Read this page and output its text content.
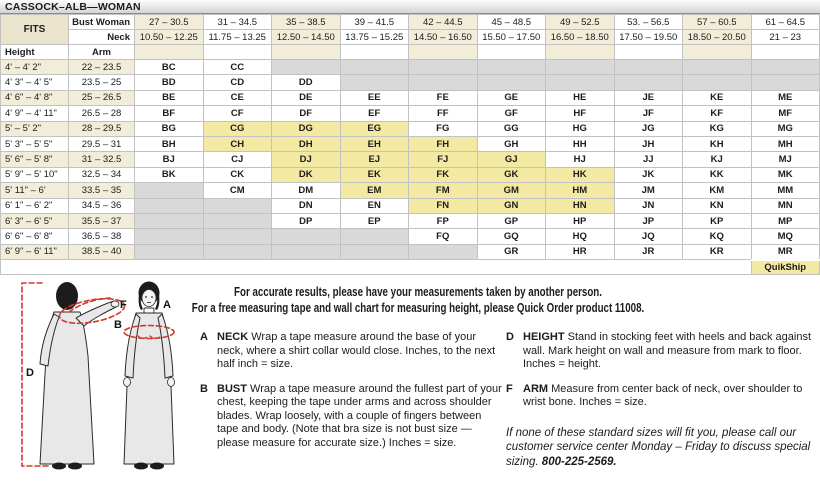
CASSOCK–ALB—WOMAN
FITS	Bust Woman	27 – 30.5	31 – 34.5	35 – 38.5	39 – 41.5	42 – 44.5	45 – 48.5	49 – 52.5	53. – 56.5	57 – 60.5	61 – 64.5
	Neck	10.50 – 12.25	11.75 – 13.25	12.50 – 14.50	13.75 – 15.25	14.50 – 16.50	15.50 – 17.50	16.50 – 18.50	17.50 – 19.50	18.50 – 20.50	21 – 23
Height	Arm										
4' – 4' 2"	22 – 23.5	BC	CC								
4' 3" – 4' 5"	23.5 – 25	BD	CD	DD							
4' 6" – 4' 8"	25 – 26.5	BE	CE	DE	EE	FE	GE	HE	JE	KE	ME
4' 9" – 4' 11"	26.5 – 28	BF	CF	DF	EF	FF	GF	HF	JF	KF	MF
5' – 5' 2"	28 – 29.5	BG	CG	DG	EG	FG	GG	HG	JG	KG	MG
5' 3" – 5' 5"	29.5 – 31	BH	CH	DH	EH	FH	GH	HH	JH	KH	MH
5' 6" – 5' 8"	31 – 32.5	BJ	CJ	DJ	EJ	FJ	GJ	HJ	JJ	KJ	MJ
5' 9" – 5' 10"	32.5 – 34	BK	CK	DK	EK	FK	GK	HK	JK	KK	MK
5' 11" – 6'	33.5 – 35		CM	DM	EM	FM	GM	HM	JM	KM	MM
6' 1" – 6' 2"	34.5 – 36			DN	EN	FN	GN	HN	JN	KN	MN
6' 3" – 6' 5"	35.5 – 37			DP	EP	FP	GP	HP	JP	KP	MP
6' 6" – 6' 8"	36.5 – 38					FQ	GQ	HQ	JQ	KQ	MQ
6' 9" – 6' 11"	38.5 – 40						GR	HR	JR	KR	MR
											QuikShip
D
F	A
B
For accurate results, please have your measurements taken by another person.
For a free measuring tape and wall chart for measuring height, please Quick Order product 11008.
A NECK Wrap a tape measure around the base of your neck, where a shirt collar would close. Inches, to the next half inch = size.

B BUST Wrap a tape measure around the fullest part of your chest, keeping the tape under arms and across shoulder blades. Wrap loosely, with a couple of fingers between tape and body. (Note that bra size is not bust size — please measure for accurate size.) Inches = size.

D HEIGHT Stand in stocking feet with heels and back against wall. Mark height on wall and measure from mark to floor. Inches = height.

F ARM Measure from center back of neck, over shoulder to wrist bone. Inches = size.

If none of these standard sizes will fit you, please call our customer service center Monday – Friday to discuss special sizing. 800-225-2569.
